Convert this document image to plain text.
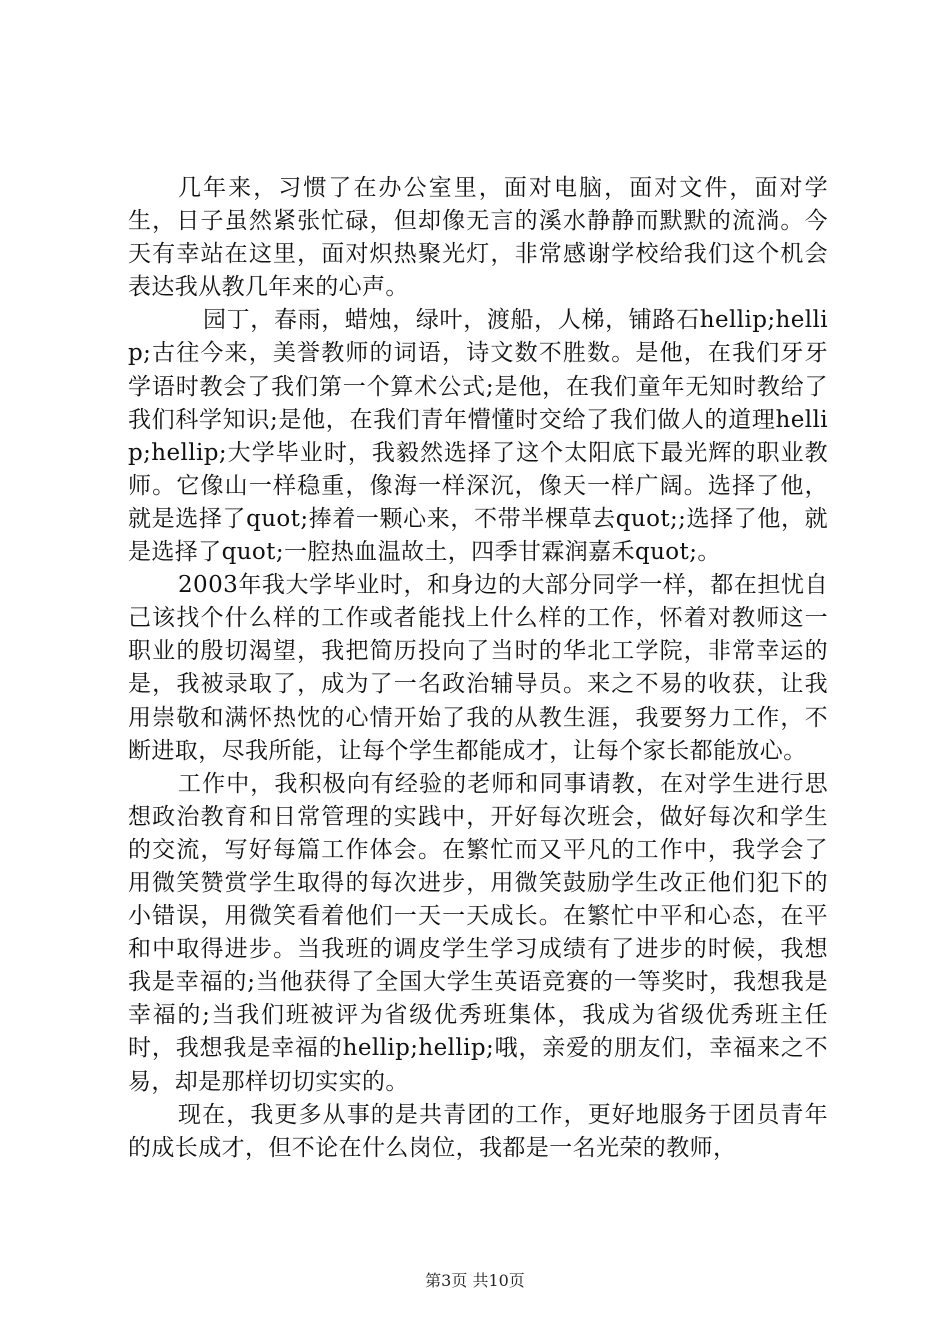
几年来，习惯了在办公室里，面对电脑，面对文件，面对学生，日子虽然紧张忙碌，但却像无言的溪水静静而默默的流淌。今天有幸站在这里，面对炽热聚光灯，非常感谢学校给我们这个机会表达我从教几年来的心声。

园丁，春雨，蜡烛，绿叶，渡船，人梯，铺路石hellip;hellip;古往今来，美誉教师的词语，诗文数不胜数。是他，在我们牙牙学语时教会了我们第一个算术公式;是他，在我们童年无知时教给了我们科学知识;是他，在我们青年懵懂时交给了我们做人的道理hellip;hellip;大学毕业时，我毅然选择了这个太阳底下最光辉的职业教师。它像山一样稳重，像海一样深沉，像天一样广阔。选择了他，就是选择了quot;捧着一颗心来，不带半棵草去quot;;选择了他，就是选择了quot;一腔热血温故土，四季甘霖润嘉禾quot;。

2003年我大学毕业时，和身边的大部分同学一样，都在担忧自己该找个什么样的工作或者能找上什么样的工作，怀着对教师这一职业的殷切渴望，我把简历投向了当时的华北工学院，非常幸运的是，我被录取了，成为了一名政治辅导员。来之不易的收获，让我用崇敬和满怀热忱的心情开始了我的从教生涯，我要努力工作，不断进取，尽我所能，让每个学生都能成才，让每个家长都能放心。

工作中，我积极向有经验的老师和同事请教，在对学生进行思想政治教育和日常管理的实践中，开好每次班会，做好每次和学生的交流，写好每篇工作体会。在繁忙而又平凡的工作中，我学会了用微笑赞赏学生取得的每次进步，用微笑鼓励学生改正他们犯下的小错误，用微笑看着他们一天一天成长。在繁忙中平和心态，在平和中取得进步。当我班的调皮学生学习成绩有了进步的时候，我想我是幸福的;当他获得了全国大学生英语竞赛的一等奖时，我想我是幸福的;当我们班被评为省级优秀班集体，我成为省级优秀班主任时，我想我是幸福的hellip;hellip;哦，亲爱的朋友们，幸福来之不易，却是那样切切实实的。

现在，我更多从事的是共青团的工作，更好地服务于团员青年的成长成才，但不论在什么岗位，我都是一名光荣的教师，

第3页 共10页
